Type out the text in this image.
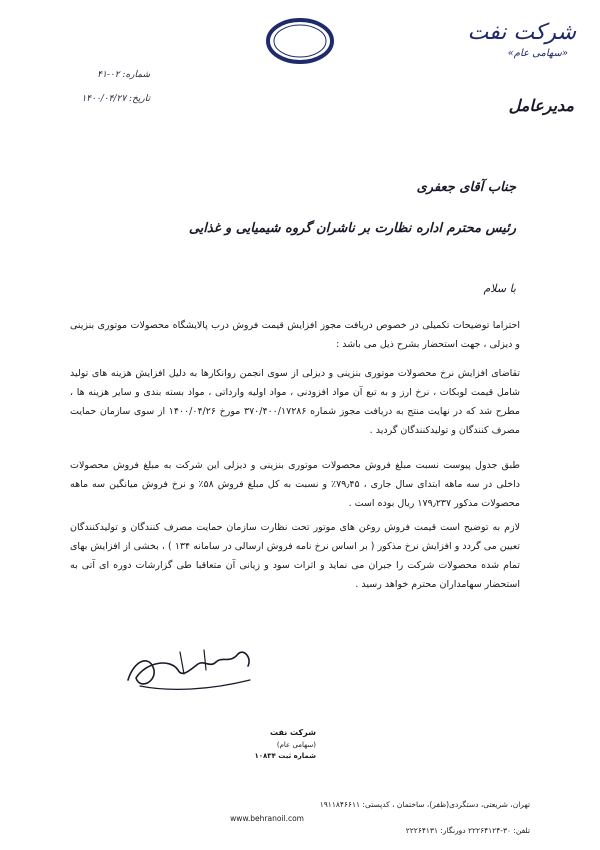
شرکت نفت
«سهامی عام»
شماره: ۰۲-۴۱
تاریخ: ۱۴۰۰/۰۴/۲۷	مدیرعامل
جناب آقای جعفری
رئیس محترم اداره نظارت بر ناشران گروه شیمیایی و غذایی
با سلام
احتراما توضیحات تکمیلی در خصوص دریافت مجوز افزایش قیمت فروش درب پالایشگاه محصولات موتوری بنزینی و دیزلی ، جهت استحضار بشرح ذیل می باشد :
تقاضای افزایش نرخ محصولات موتوری بنزینی و دیزلی از سوی انجمن روانکارها به دلیل افزایش هزینه های تولید شامل قیمت لوبکات ، نرخ ارز و به تبع آن مواد افزودنی ، مواد اولیه وارداتی ، مواد بسته بندی و سایر هزینه ها ، مطرح شد که در نهایت منتج به دریافت مجوز شماره ۳۷۰/۴۰۰/۱۷۲۸۶ مورخ ۱۴۰۰/۰۴/۲۶ از سوی سازمان حمایت مصرف کنندگان و تولیدکنندگان گردید .
طبق جدول پیوست نسبت مبلغ فروش محصولات موتوری بنزینی و دیزلی این شرکت به مبلغ فروش محصولات داخلی در سه ماهه ابتدای سال جاری ، ۷۹٫۴۵٪ و نسبت به کل مبلغ فروش ۵۸٪ و نرخ فروش میانگین سه ماهه محصولات مذکور ۱۷۹٫۲۳۷ ریال بوده است .
لازم به توضیح است قیمت فروش روغن های موتور تحت نظارت سازمان حمایت مصرف کنندگان و تولیدکنندگان تعیین می گردد و افزایش نرخ مذکور ( بر اساس نرخ نامه فروش ارسالی در سامانه ۱۳۴ ) ، بخشی از افزایش بهای تمام شده محصولات شرکت را جبران می نماید و اثرات سود و زیانی آن متعاقبا طی گزارشات دوره ای آتی به استحضار سهامداران محترم خواهد رسید .
شرکت نفت
(سهامی عام)
شماره ثبت ۱۰۸۳۴
تهران، شریعتی، دستگردی(ظفر)، ساختمان ، کدپستی: ۱۹۱۱۸۴۶۶۱۱
www.behranoil.com
تلفن: ۳۰-۲۲۲۶۴۱۲۴ دورنگار: ۲۲۲۶۴۱۳۱
